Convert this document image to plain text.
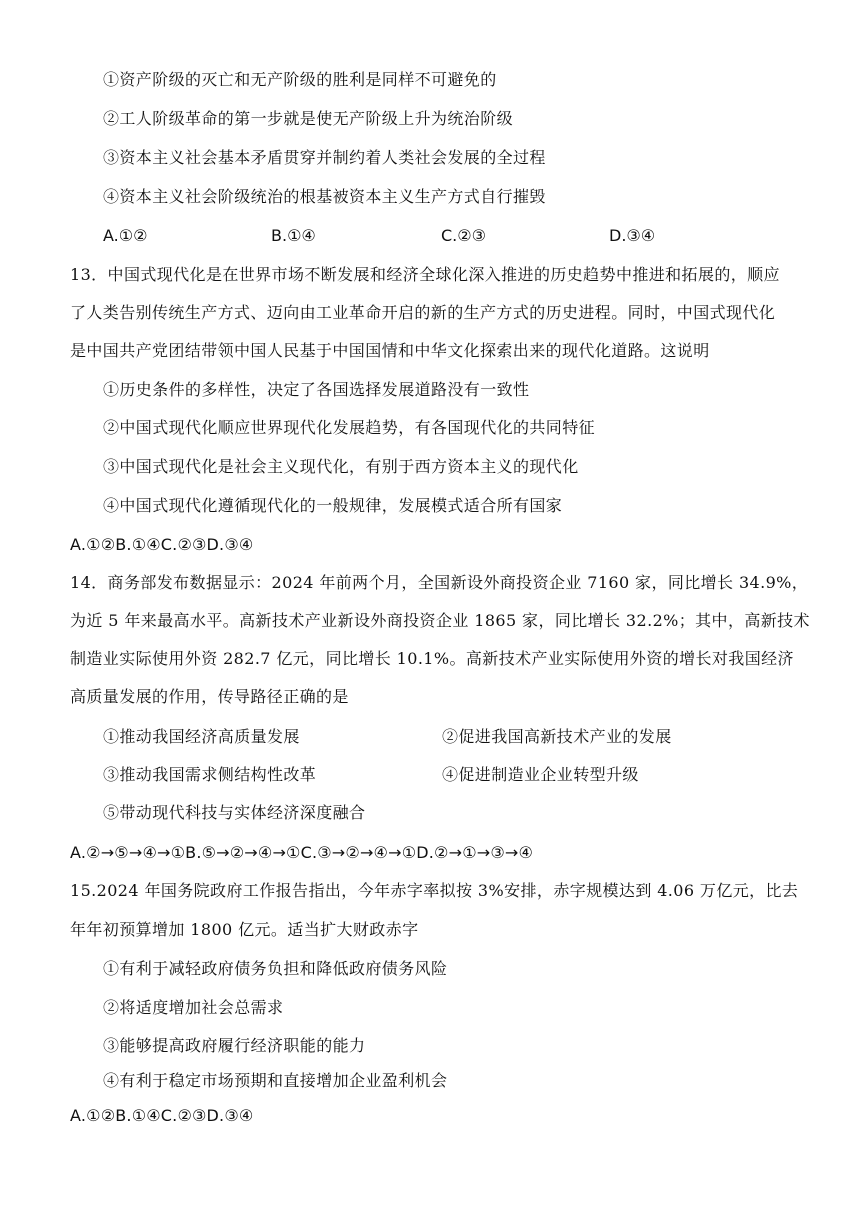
①资产阶级的灭亡和无产阶级的胜利是同样不可避免的
②工人阶级革命的第一步就是使无产阶级上升为统治阶级
③资本主义社会基本矛盾贯穿并制约着人类社会发展的全过程
④资本主义社会阶级统治的根基被资本主义生产方式自行摧毁
A.①②	B.①④	C.②③	D.③④
13．中国式现代化是在世界市场不断发展和经济全球化深入推进的历史趋势中推进和拓展的，顺应
了人类告别传统生产方式、迈向由工业革命开启的新的生产方式的历史进程。同时，中国式现代化
是中国共产党团结带领中国人民基于中国国情和中华文化探索出来的现代化道路。这说明
①历史条件的多样性，决定了各国选择发展道路没有一致性
②中国式现代化顺应世界现代化发展趋势，有各国现代化的共同特征
③中国式现代化是社会主义现代化，有别于西方资本主义的现代化
④中国式现代化遵循现代化的一般规律，发展模式适合所有国家
A.①②B.①④C.②③D.③④
14．商务部发布数据显示：2024 年前两个月，全国新设外商投资企业 7160 家，同比增长 34.9%，
为近 5 年来最高水平。高新技术产业新设外商投资企业 1865 家，同比增长 32.2%；其中，高新技术
制造业实际使用外资 282.7 亿元，同比增长 10.1%。高新技术产业实际使用外资的增长对我国经济
高质量发展的作用，传导路径正确的是
①推动我国经济高质量发展	②促进我国高新技术产业的发展
③推动我国需求侧结构性改革	④促进制造业企业转型升级
⑤带动现代科技与实体经济深度融合
A.②→⑤→④→①B.⑤→②→④→①C.③→②→④→①D.②→①→③→④
15.2024 年国务院政府工作报告指出，今年赤字率拟按 3%安排，赤字规模达到 4.06 万亿元，比去
年年初预算增加 1800 亿元。适当扩大财政赤字
①有利于减轻政府债务负担和降低政府债务风险
②将适度增加社会总需求
③能够提高政府履行经济职能的能力
④有利于稳定市场预期和直接增加企业盈利机会
A.①②B.①④C.②③D.③④
